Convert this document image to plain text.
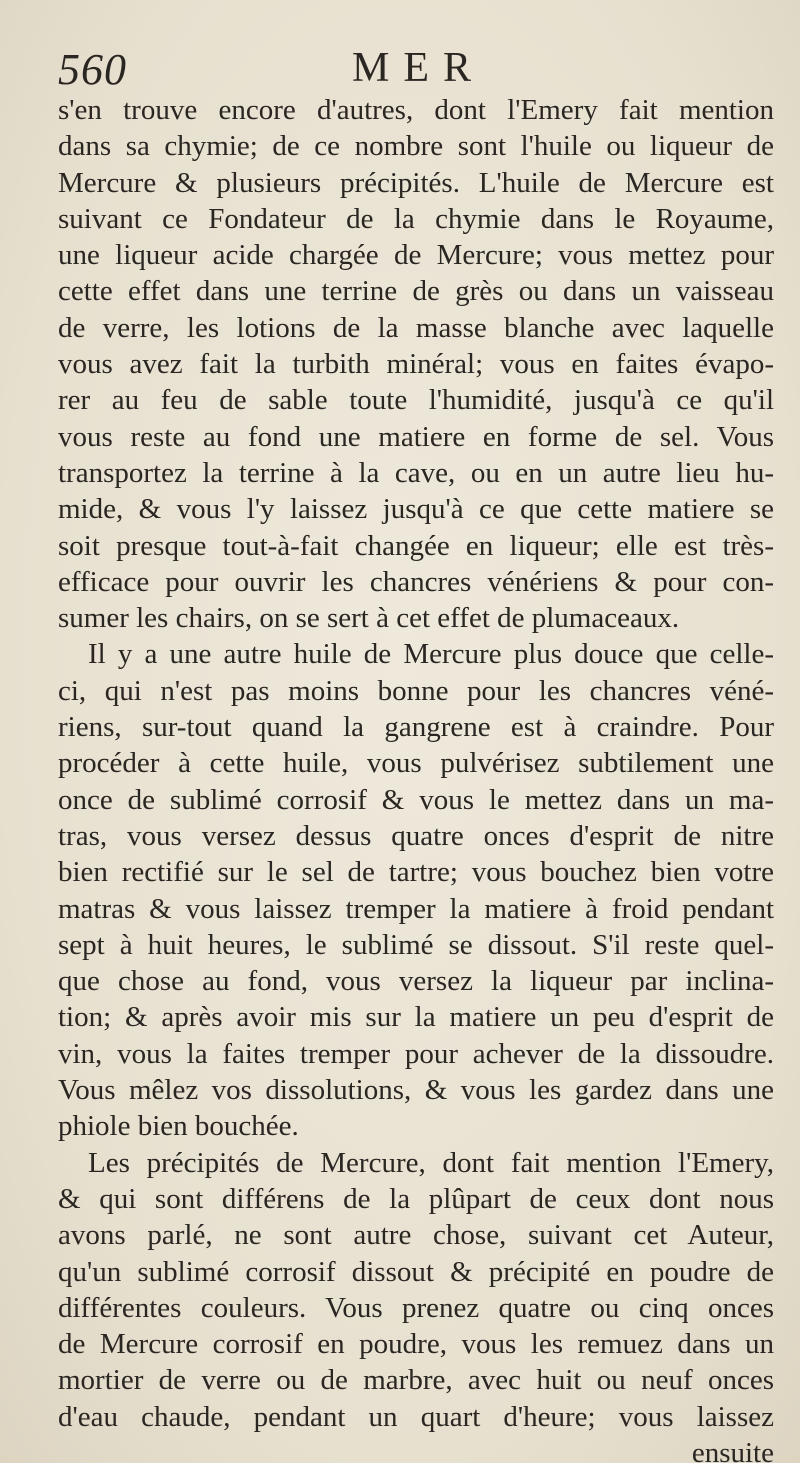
560	MER
s'en trouve encore d'autres, dont l'Emery fait mention
dans sa chymie; de ce nombre sont l'huile ou liqueur de
Mercure & plusieurs précipités. L'huile de Mercure est
suivant ce Fondateur de la chymie dans le Royaume,
une liqueur acide chargée de Mercure; vous mettez pour
cette effet dans une terrine de grès ou dans un vaisseau
de verre, les lotions de la masse blanche avec laquelle
vous avez fait la turbith minéral; vous en faites évapo-
rer au feu de sable toute l'humidité, jusqu'à ce qu'il
vous reste au fond une matiere en forme de sel. Vous
transportez la terrine à la cave, ou en un autre lieu hu-
mide, & vous l'y laissez jusqu'à ce que cette matiere se
soit presque tout-à-fait changée en liqueur; elle est très-
efficace pour ouvrir les chancres vénériens & pour con-
sumer les chairs, on se sert à cet effet de plumaceaux.
Il y a une autre huile de Mercure plus douce que celle-
ci, qui n'est pas moins bonne pour les chancres véné-
riens, sur-tout quand la gangrene est à craindre. Pour
procéder à cette huile, vous pulvérisez subtilement une
once de sublimé corrosif & vous le mettez dans un ma-
tras, vous versez dessus quatre onces d'esprit de nitre
bien rectifié sur le sel de tartre; vous bouchez bien votre
matras & vous laissez tremper la matiere à froid pendant
sept à huit heures, le sublimé se dissout. S'il reste quel-
que chose au fond, vous versez la liqueur par inclina-
tion; & après avoir mis sur la matiere un peu d'esprit de
vin, vous la faites tremper pour achever de la dissoudre.
Vous mêlez vos dissolutions, & vous les gardez dans une
phiole bien bouchée.
Les précipités de Mercure, dont fait mention l'Emery,
& qui sont différens de la plûpart de ceux dont nous
avons parlé, ne sont autre chose, suivant cet Auteur,
qu'un sublimé corrosif dissout & précipité en poudre de
différentes couleurs. Vous prenez quatre ou cinq onces
de Mercure corrosif en poudre, vous les remuez dans un
mortier de verre ou de marbre, avec huit ou neuf onces
d'eau chaude, pendant un quart d'heure; vous laissez
ensuite
